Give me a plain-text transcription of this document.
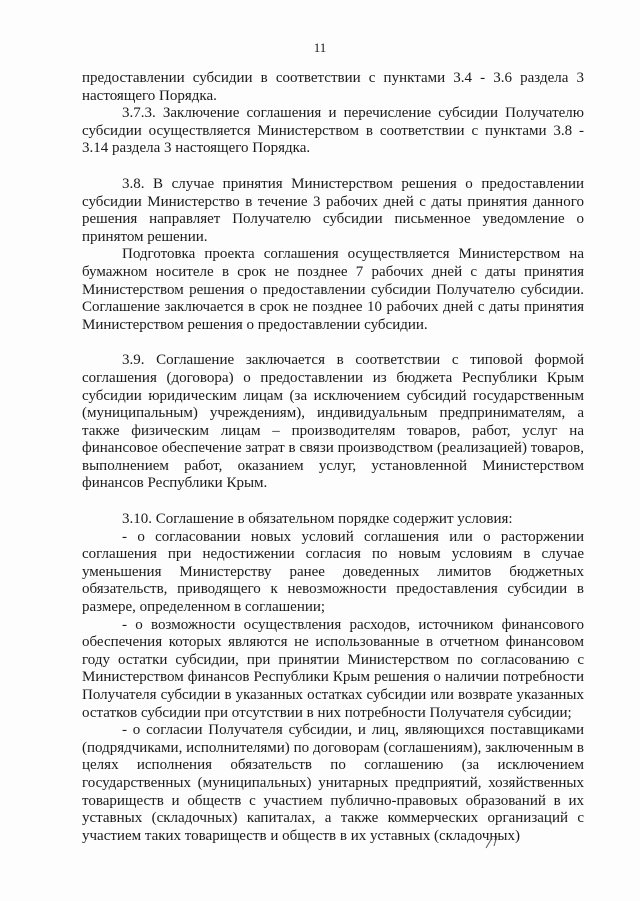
11

предоставлении субсидии в соответствии с пунктами 3.4 - 3.6 раздела 3 настоящего Порядка.

3.7.3. Заключение соглашения и перечисление субсидии Получателю субсидии осуществляется Министерством в соответствии с пунктами 3.8 - 3.14 раздела 3 настоящего Порядка.

3.8. В случае принятия Министерством решения о предоставлении субсидии Министерство в течение 3 рабочих дней с даты принятия данного решения направляет Получателю субсидии письменное уведомление о принятом решении.

Подготовка проекта соглашения осуществляется Министерством на бумажном носителе в срок не позднее 7 рабочих дней с даты принятия Министерством решения о предоставлении субсидии Получателю субсидии. Соглашение заключается в срок не позднее 10 рабочих дней с даты принятия Министерством решения о предоставлении субсидии.

3.9. Соглашение заключается в соответствии с типовой формой соглашения (договора) о предоставлении из бюджета Республики Крым субсидии юридическим лицам (за исключением субсидий государственным (муниципальным) учреждениям), индивидуальным предпринимателям, а также физическим лицам – производителям товаров, работ, услуг на финансовое обеспечение затрат в связи производством (реализацией) товаров, выполнением работ, оказанием услуг, установленной Министерством финансов Республики Крым.

3.10. Соглашение в обязательном порядке содержит условия:

- о согласовании новых условий соглашения или о расторжении соглашения при недостижении согласия по новым условиям в случае уменьшения Министерству ранее доведенных лимитов бюджетных обязательств, приводящего к невозможности предоставления субсидии в размере, определенном в соглашении;

- о возможности осуществления расходов, источником финансового обеспечения которых являются не использованные в отчетном финансовом году остатки субсидии, при принятии Министерством по согласованию с Министерством финансов Республики Крым решения о наличии потребности Получателя субсидии в указанных остатках субсидии или возврате указанных остатков субсидии при отсутствии в них потребности Получателя субсидии;

- о согласии Получателя субсидии, и лиц, являющихся поставщиками (подрядчиками, исполнителями) по договорам (соглашениям), заключенным в целях исполнения обязательств по соглашению (за исключением государственных (муниципальных) унитарных предприятий, хозяйственных товариществ и обществ с участием публично-правовых образований в их уставных (складочных) капиталах, а также коммерческих организаций с участием таких товариществ и обществ в их уставных (складочных)
